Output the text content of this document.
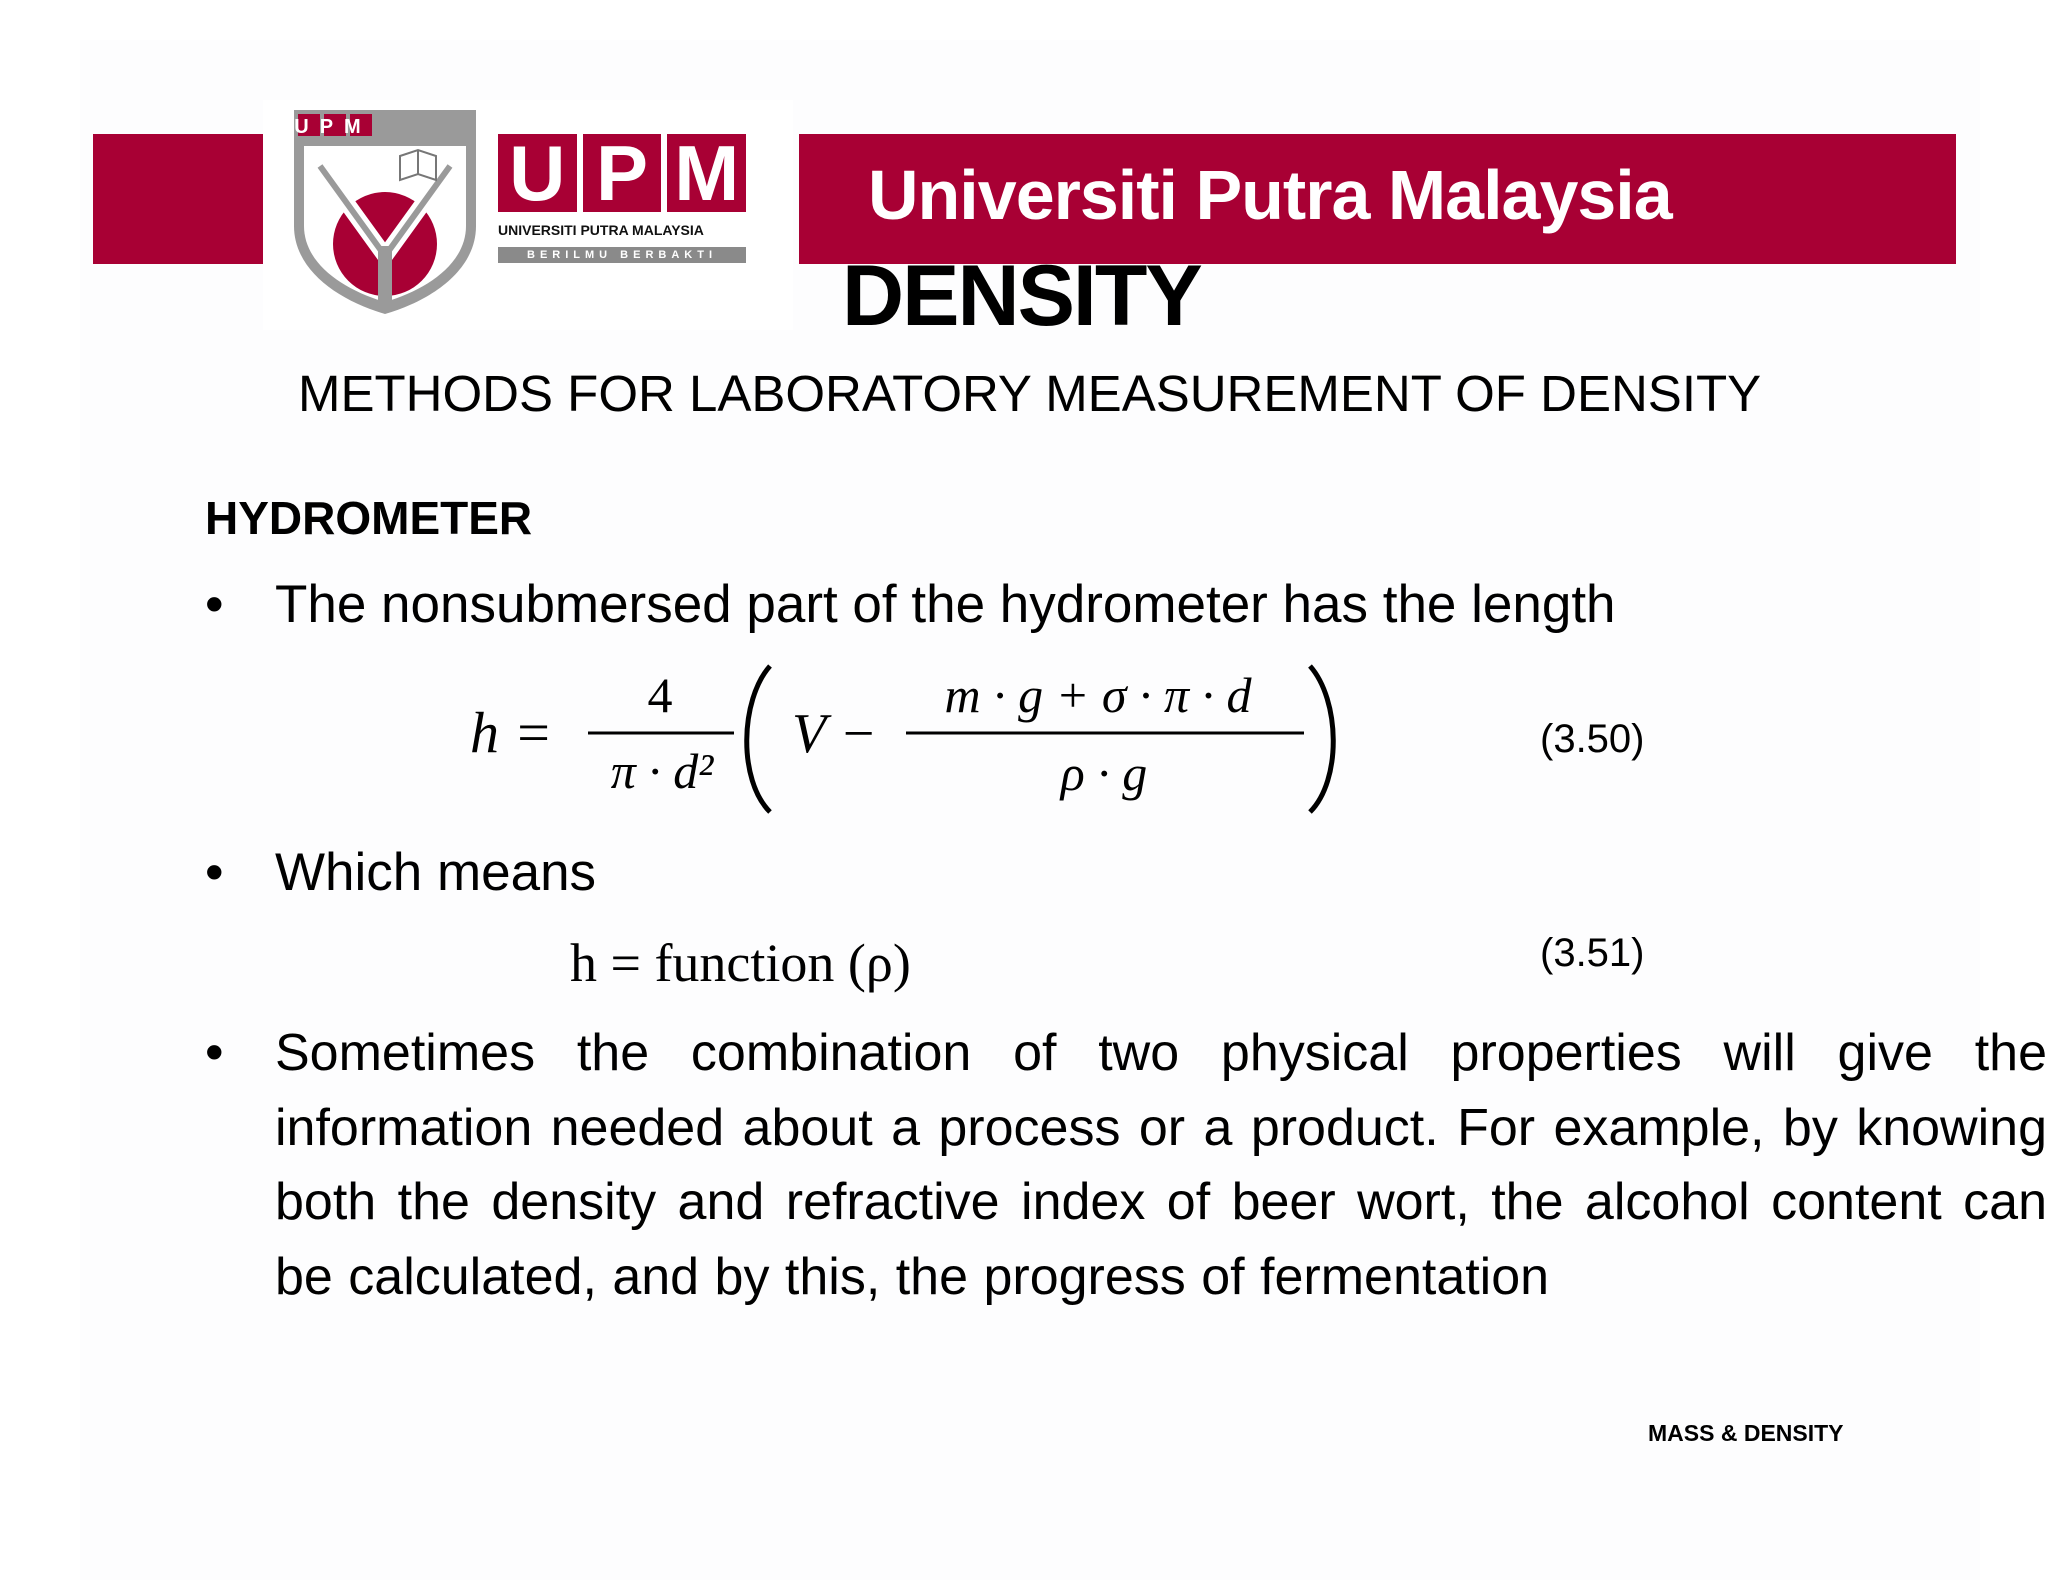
Universiti Putra Malaysia
UPM
U P M
UNIVERSITI PUTRA MALAYSIA
BERILMU BERBAKTI	DENSITY
METHODS FOR LABORATORY MEASUREMENT OF DENSITY
HYDROMETER
• The nonsubmersed part of the hydrometer has the length
h =
4
π · d²
V −
m · g + σ · π · d
ρ · g
(3.50)
• Which means
h = function (ρ)	(3.51)
• Sometimes the combination of two physical properties will give the information needed about a process or a product. For example, by knowing both the density and refractive index of beer wort, the alcohol content can be calculated, and by this, the progress of fermentation
MASS & DENSITY
